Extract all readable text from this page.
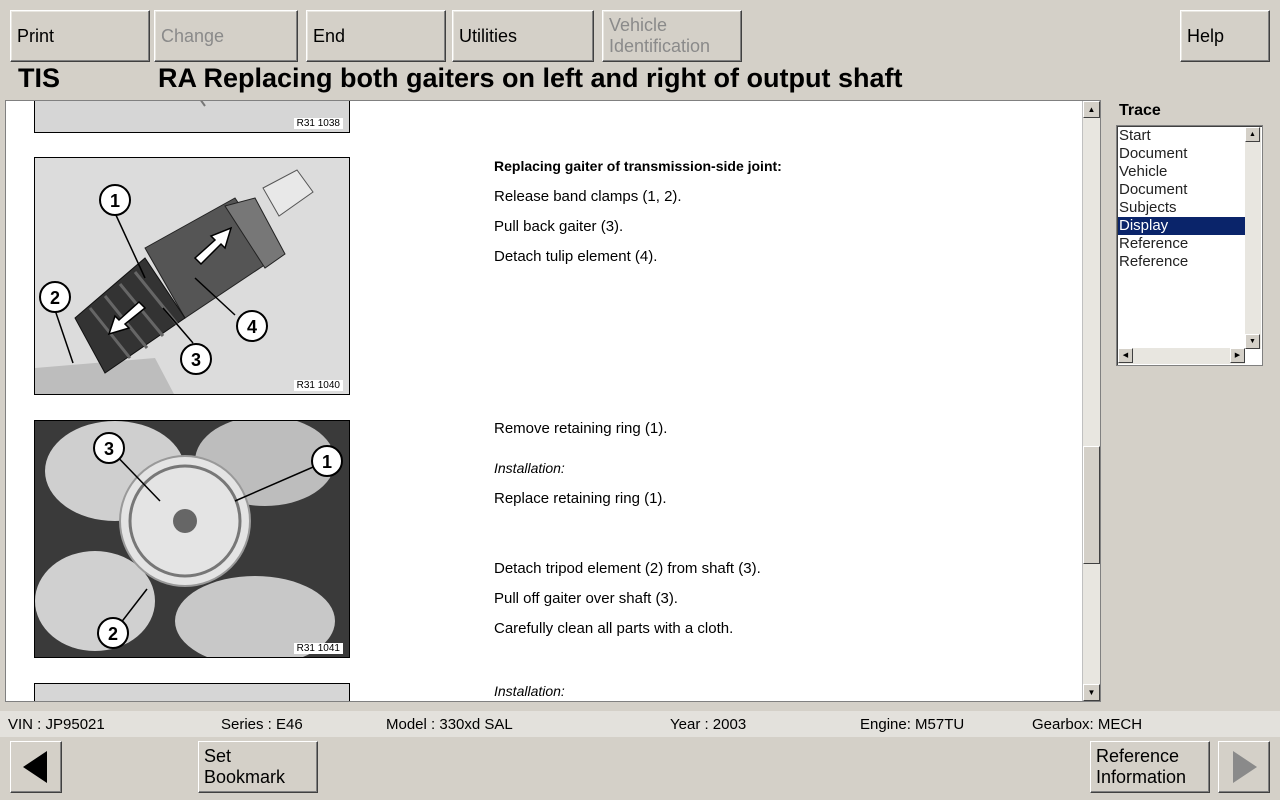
Print	Change	End	Utilities
Vehicle
Identification
Help
TIS	RA Replacing both gaiters on left and right of output shaft
R31 1038
1
2
3
4
R31 1040
3
1
2
R31 1041
Replacing gaiter of transmission-side joint:
Release band clamps (1, 2).
Pull back gaiter (3).
Detach tulip element (4).
Remove retaining ring (1).
Installation:
Replace retaining ring (1).
Detach tripod element (2) from shaft (3).
Pull off gaiter over shaft (3).
Carefully clean all parts with a cloth.
Installation:
▲
▼
Trace
Start
Document
Vehicle
Document
Subjects
Display
Reference
Reference
▲
▼
◀	▶
VIN : JP95021	Series : E46	Model : 330xd SAL	Year : 2003	Engine: M57TU	Gearbox: MECH
Set
Bookmark
Reference
Information
